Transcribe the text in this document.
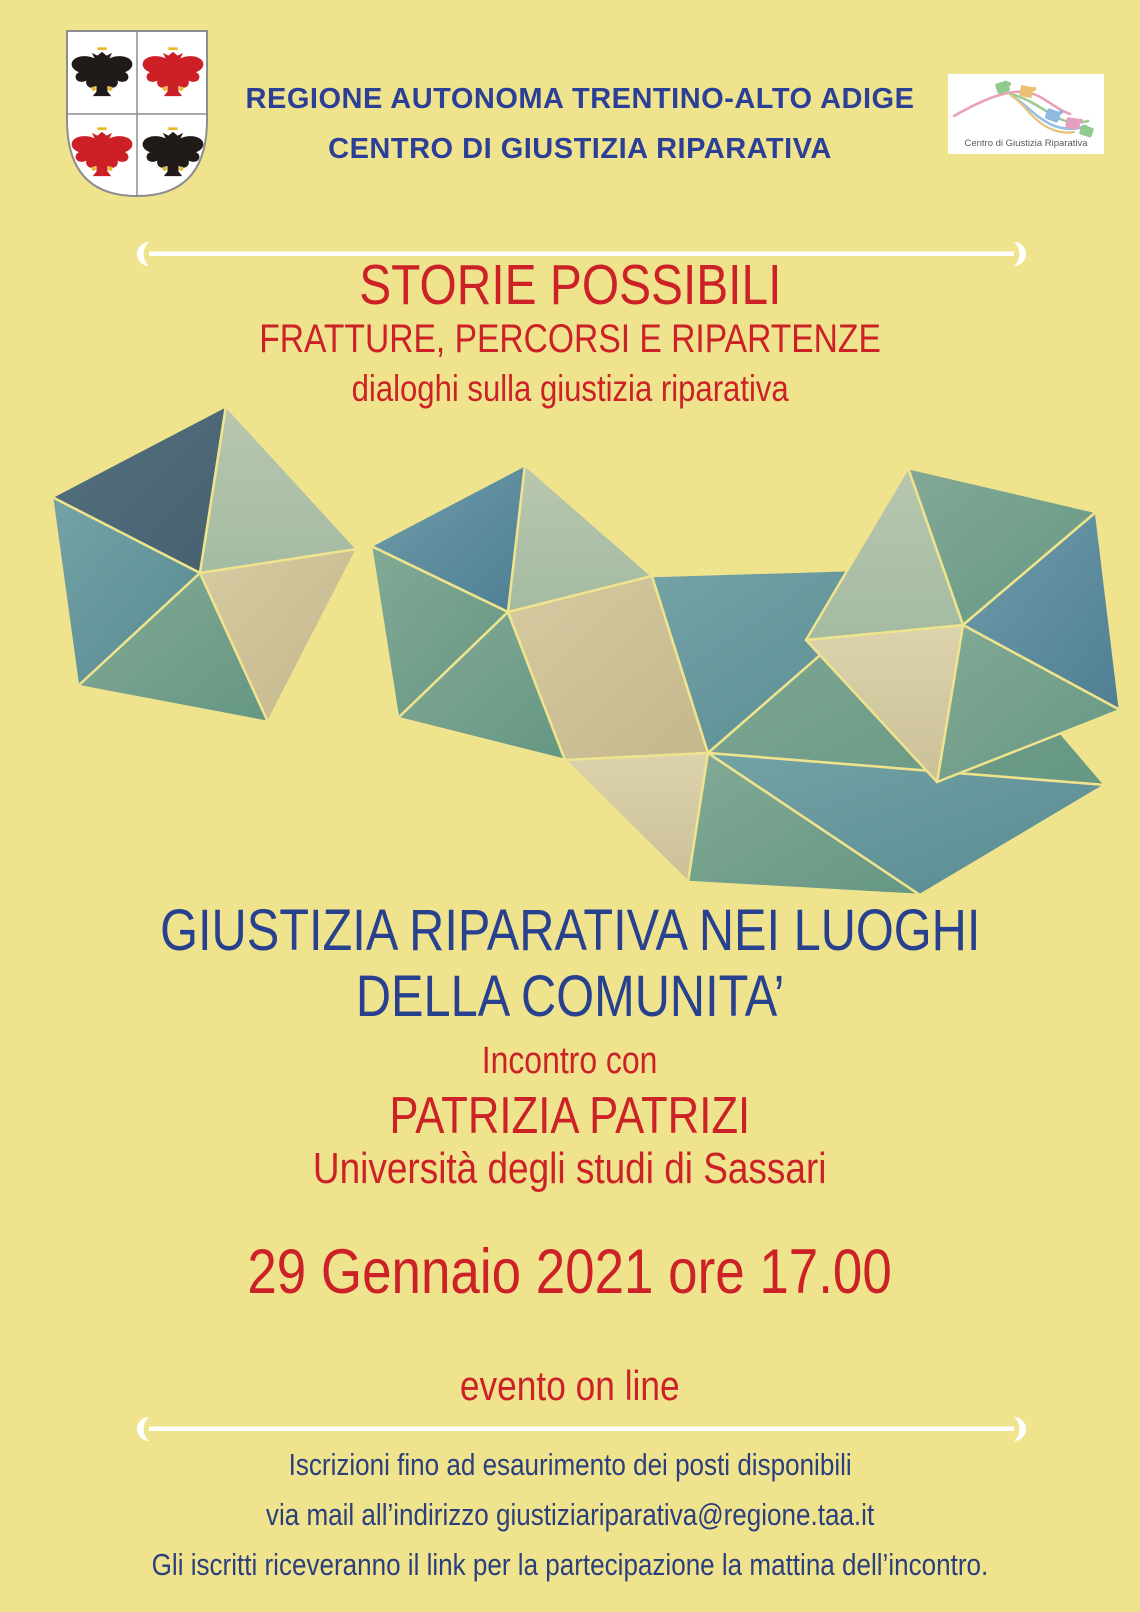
REGIONE AUTONOMA TRENTINO-ALTO ADIGE
CENTRO DI GIUSTIZIA RIPARATIVA	Centro di Giustizia Riparativa
STORIE POSSIBILI
FRATTURE, PERCORSI E RIPARTENZE
dialoghi sulla giustizia riparativa
GIUSTIZIA RIPARATIVA NEI LUOGHI
DELLA COMUNITA’
Incontro con
PATRIZIA PATRIZI
Università degli studi di Sassari
29 Gennaio 2021 ore 17.00
evento on line
Iscrizioni fino ad esaurimento dei posti disponibili
via mail all’indirizzo giustiziariparativa@regione.taa.it
Gli iscritti riceveranno il link per la partecipazione la mattina dell’incontro.
